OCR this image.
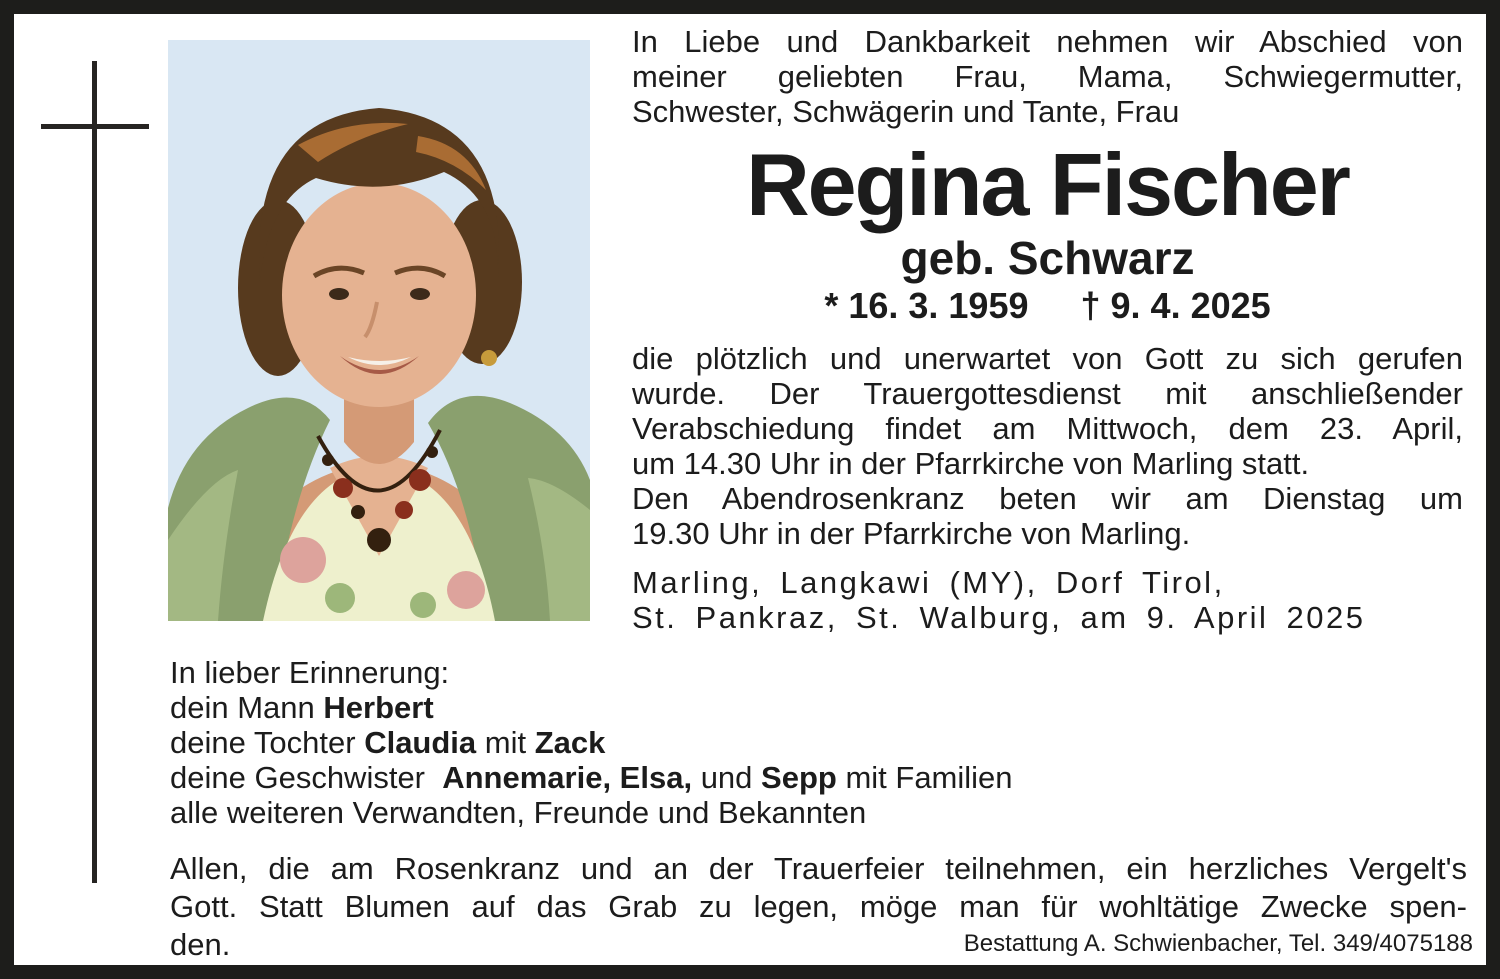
In Liebe und Dankbarkeit nehmen wir Abschied von
meiner geliebten Frau, Mama, Schwiegermutter,
Schwester, Schwägerin und Tante, Frau
Regina Fischer
geb. Schwarz
* 16. 3. 1959 † 9. 4. 2025
die plötzlich und unerwartet von Gott zu sich gerufen
wurde. Der Trauergottesdienst mit anschließender
Verabschiedung findet am Mittwoch, dem 23. April,
um 14.30 Uhr in der Pfarrkirche von Marling statt.
Den Abendrosenkranz beten wir am Dienstag um
19.30 Uhr in der Pfarrkirche von Marling.
Marling, Langkawi (MY), Dorf Tirol,
St. Pankraz, St. Walburg, am 9. April 2025
In lieber Erinnerung:
dein Mann Herbert
deine Tochter Claudia mit Zack
deine Geschwister  Annemarie, Elsa, und Sepp mit Familien
alle weiteren Verwandten, Freunde und Bekannten
Allen, die am Rosenkranz und an der Trauerfeier teilnehmen, ein herzliches Vergelt's
Gott. Statt Blumen auf das Grab zu legen, möge man für wohltätige Zwecke spen-
den.	Bestattung A. Schwienbacher, Tel. 349/4075188
